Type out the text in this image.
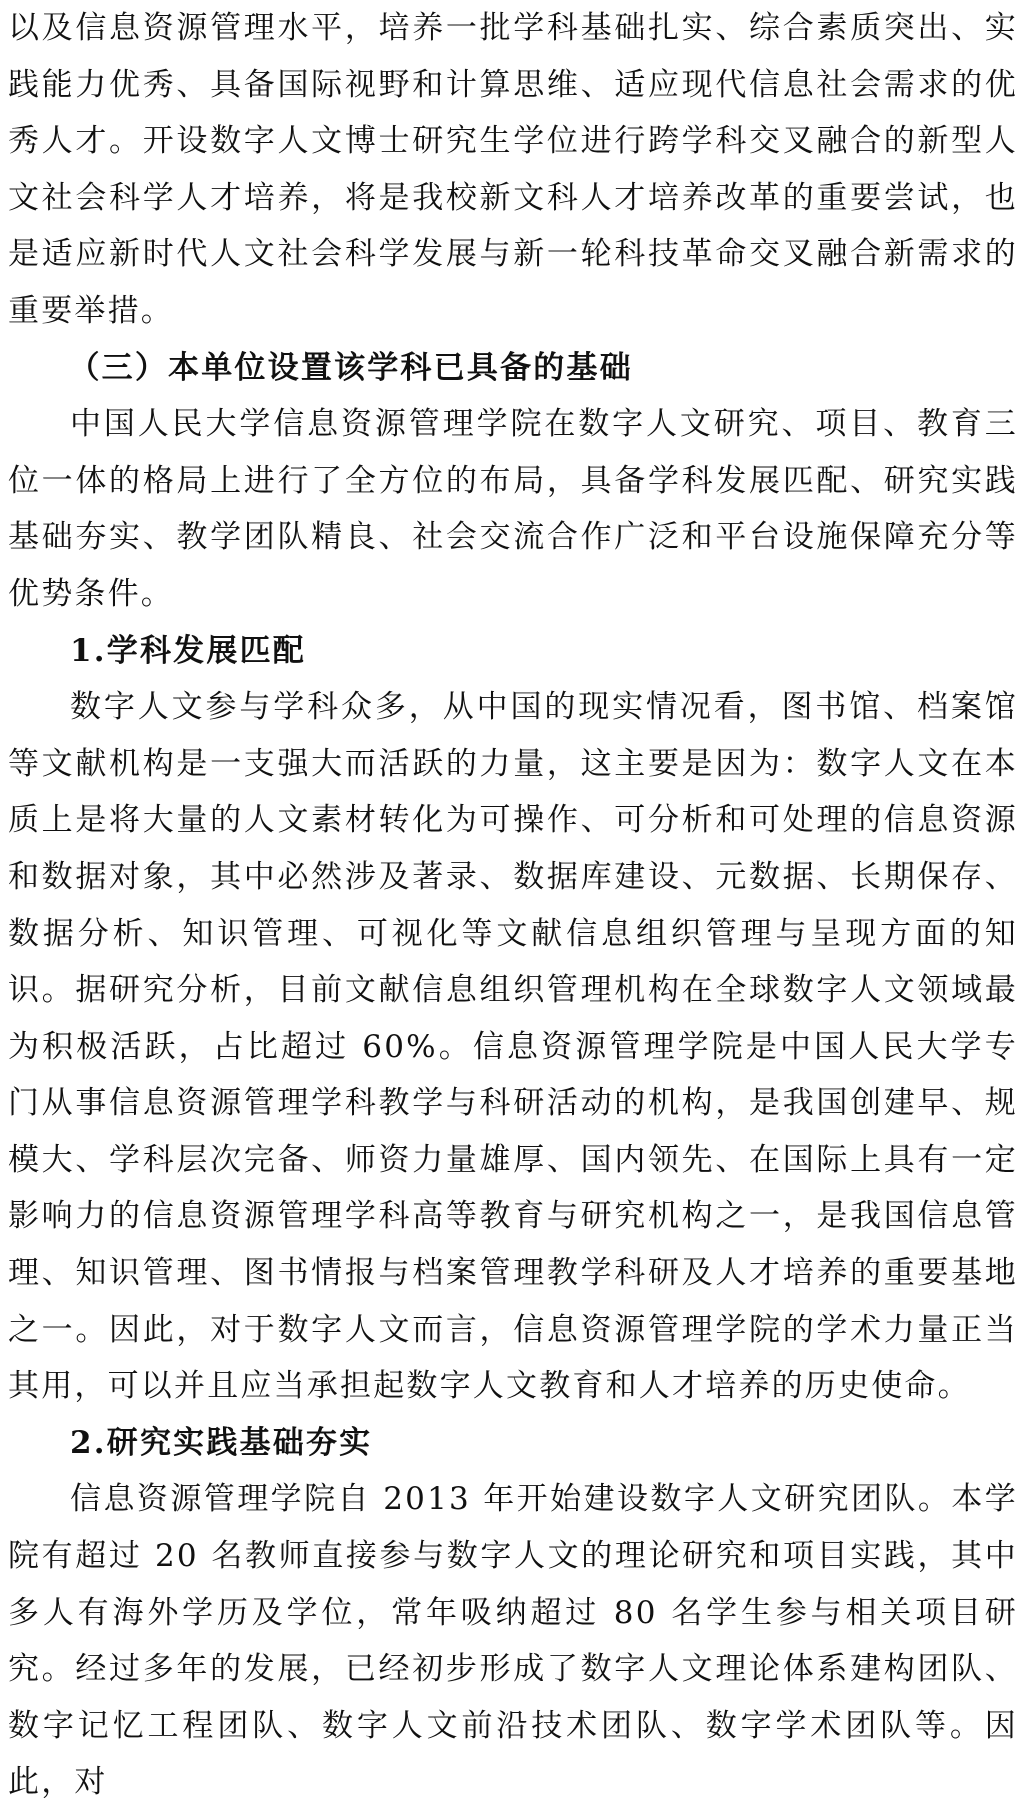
以及信息资源管理水平，培养一批学科基础扎实、综合素质突出、实践能力优秀、具备国际视野和计算思维、适应现代信息社会需求的优秀人才。开设数字人文博士研究生学位进行跨学科交叉融合的新型人文社会科学人才培养，将是我校新文科人才培养改革的重要尝试，也是适应新时代人文社会科学发展与新一轮科技革命交叉融合新需求的重要举措。

（三）本单位设置该学科已具备的基础

中国人民大学信息资源管理学院在数字人文研究、项目、教育三位一体的格局上进行了全方位的布局，具备学科发展匹配、研究实践基础夯实、教学团队精良、社会交流合作广泛和平台设施保障充分等优势条件。

1.学科发展匹配

数字人文参与学科众多，从中国的现实情况看，图书馆、档案馆等文献机构是一支强大而活跃的力量，这主要是因为：数字人文在本质上是将大量的人文素材转化为可操作、可分析和可处理的信息资源和数据对象，其中必然涉及著录、数据库建设、元数据、长期保存、数据分析、知识管理、可视化等文献信息组织管理与呈现方面的知识。据研究分析，目前文献信息组织管理机构在全球数字人文领域最为积极活跃，占比超过 60%。信息资源管理学院是中国人民大学专门从事信息资源管理学科教学与科研活动的机构，是我国创建早、规模大、学科层次完备、师资力量雄厚、国内领先、在国际上具有一定影响力的信息资源管理学科高等教育与研究机构之一，是我国信息管理、知识管理、图书情报与档案管理教学科研及人才培养的重要基地之一。因此，对于数字人文而言，信息资源管理学院的学术力量正当其用，可以并且应当承担起数字人文教育和人才培养的历史使命。

2.研究实践基础夯实

信息资源管理学院自 2013 年开始建设数字人文研究团队。本学院有超过 20 名教师直接参与数字人文的理论研究和项目实践，其中多人有海外学历及学位，常年吸纳超过 80 名学生参与相关项目研究。经过多年的发展，已经初步形成了数字人文理论体系建构团队、数字记忆工程团队、数字人文前沿技术团队、数字学术团队等。因此，对
